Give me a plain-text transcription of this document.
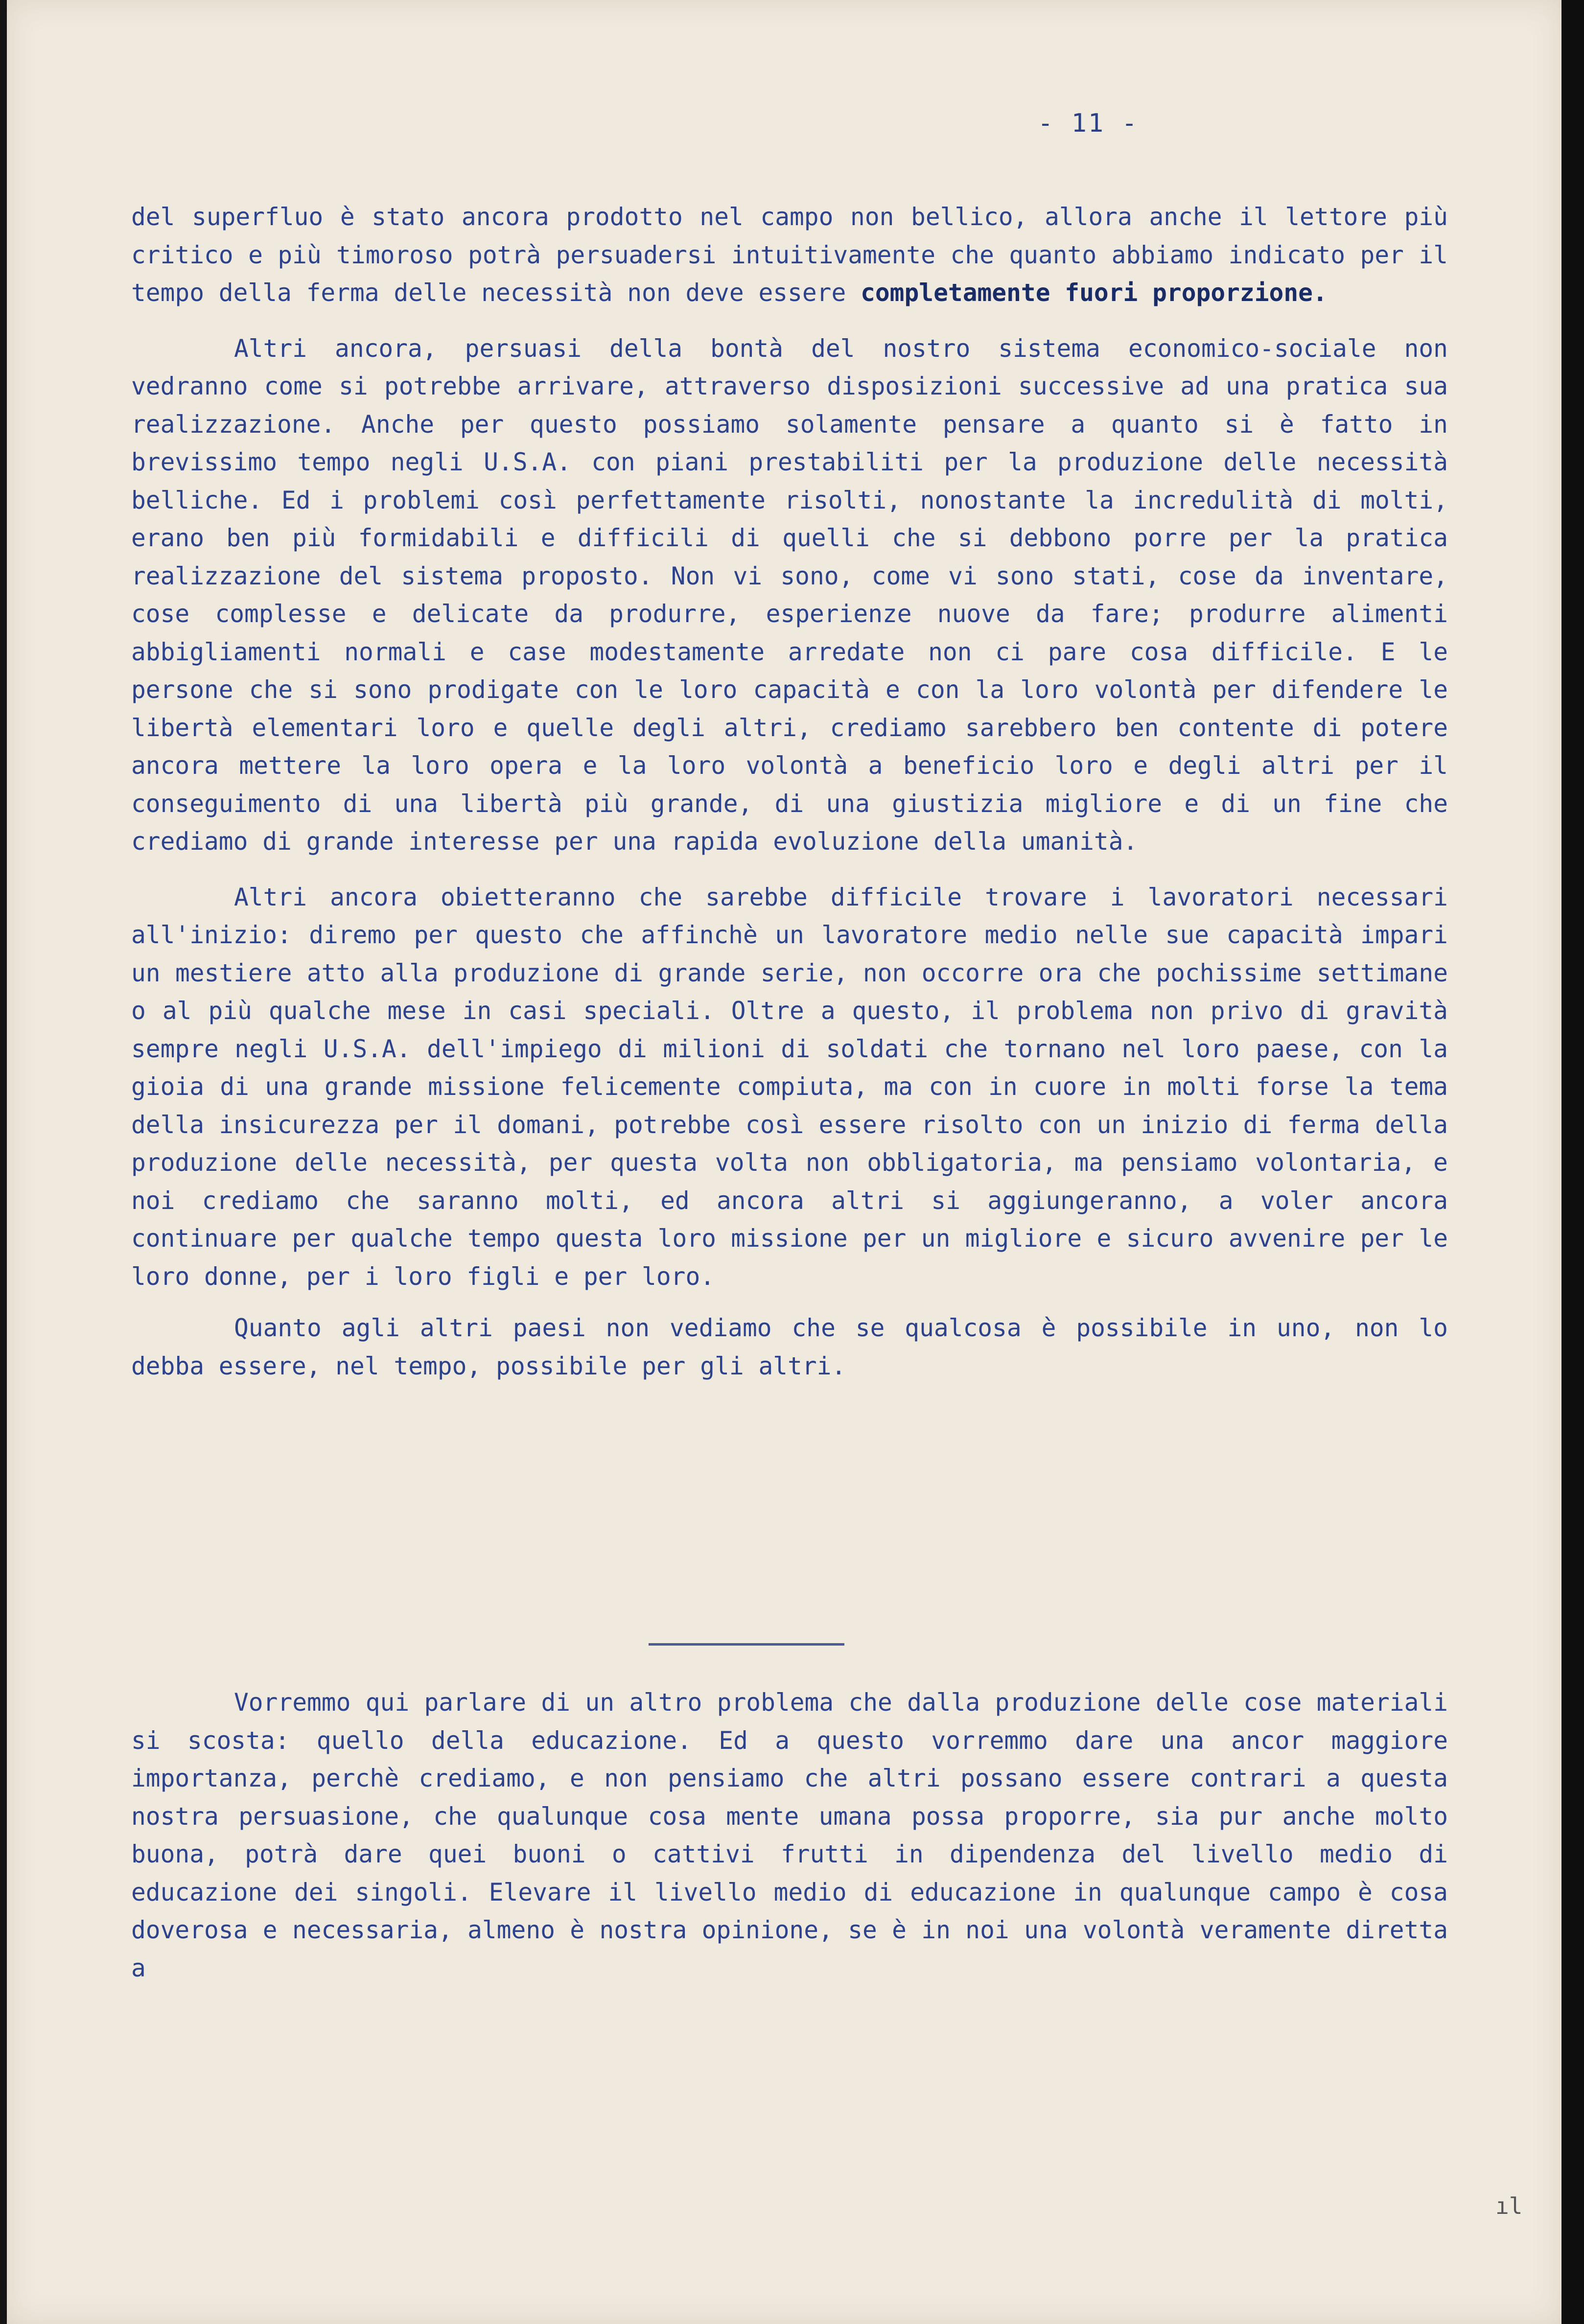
- 11 -

del superfluo è stato ancora prodotto nel campo non bellico, allora anche il lettore più critico e più timoroso potrà persuadersi intuitivamente che quanto abbiamo indicato per il tempo della ferma delle necessità non deve essere completamente fuori proporzione.

Altri ancora, persuasi della bontà del nostro sistema economico-sociale non vedranno come si potrebbe arrivare, attraverso disposizioni successive ad una pratica sua realizzazione. Anche per questo possiamo solamente pensare a quanto si è fatto in brevissimo tempo negli U.S.A. con piani prestabiliti per la produzione delle necessità belliche. Ed i problemi così perfettamente risolti, nonostante la incredulità di molti, erano ben più formidabili e difficili di quelli che si debbono porre per la pratica realizzazione del sistema proposto. Non vi sono, come vi sono stati, cose da inventare, cose complesse e delicate da produrre, esperienze nuove da fare; produrre alimenti abbigliamenti normali e case modestamente arredate non ci pare cosa difficile. E le persone che si sono prodigate con le loro capacità e con la loro volontà per difendere le libertà elementari loro e quelle degli altri, crediamo sarebbero ben contente di potere ancora mettere la loro opera e la loro volontà a beneficio loro e degli altri per il conseguimento di una libertà più grande, di una giustizia migliore e di un fine che crediamo di grande interesse per una rapida evoluzione della umanità.

Altri ancora obietteranno che sarebbe difficile trovare i lavoratori necessari all'inizio: diremo per questo che affinchè un lavoratore medio nelle sue capacità impari un mestiere atto alla produzione di grande serie, non occorre ora che pochissime settimane o al più qualche mese in casi speciali. Oltre a questo, il problema non privo di gravità sempre negli U.S.A. dell'impiego di milioni di soldati che tornano nel loro paese, con la gioia di una grande missione felicemente compiuta, ma con in cuore in molti forse la tema della insicurezza per il domani, potrebbe così essere risolto con un inizio di ferma della produzione delle necessità, per questa volta non obbligatoria, ma pensiamo volontaria, e noi crediamo che saranno molti, ed ancora altri si aggiungeranno, a voler ancora continuare per qualche tempo questa loro missione per un migliore e sicuro avvenire per le loro donne, per i loro figli e per loro.

Quanto agli altri paesi non vediamo che se qualcosa è possibile in uno, non lo debba essere, nel tempo, possibile per gli altri.

Vorremmo qui parlare di un altro problema che dalla produzione delle cose materiali si scosta: quello della educazione. Ed a questo vorremmo dare una ancor maggiore importanza, perchè crediamo, e non pensiamo che altri possano essere contrari a questa nostra persuasione, che qualunque cosa mente umana possa proporre, sia pur anche molto buona, potrà dare quei buoni o cattivi frutti in dipendenza del livello medio di educazione dei singoli. Elevare il livello medio di educazione in qualunque campo è cosa doverosa e necessaria, almeno è nostra opinione, se è in noi una volontà veramente diretta a

ıl
